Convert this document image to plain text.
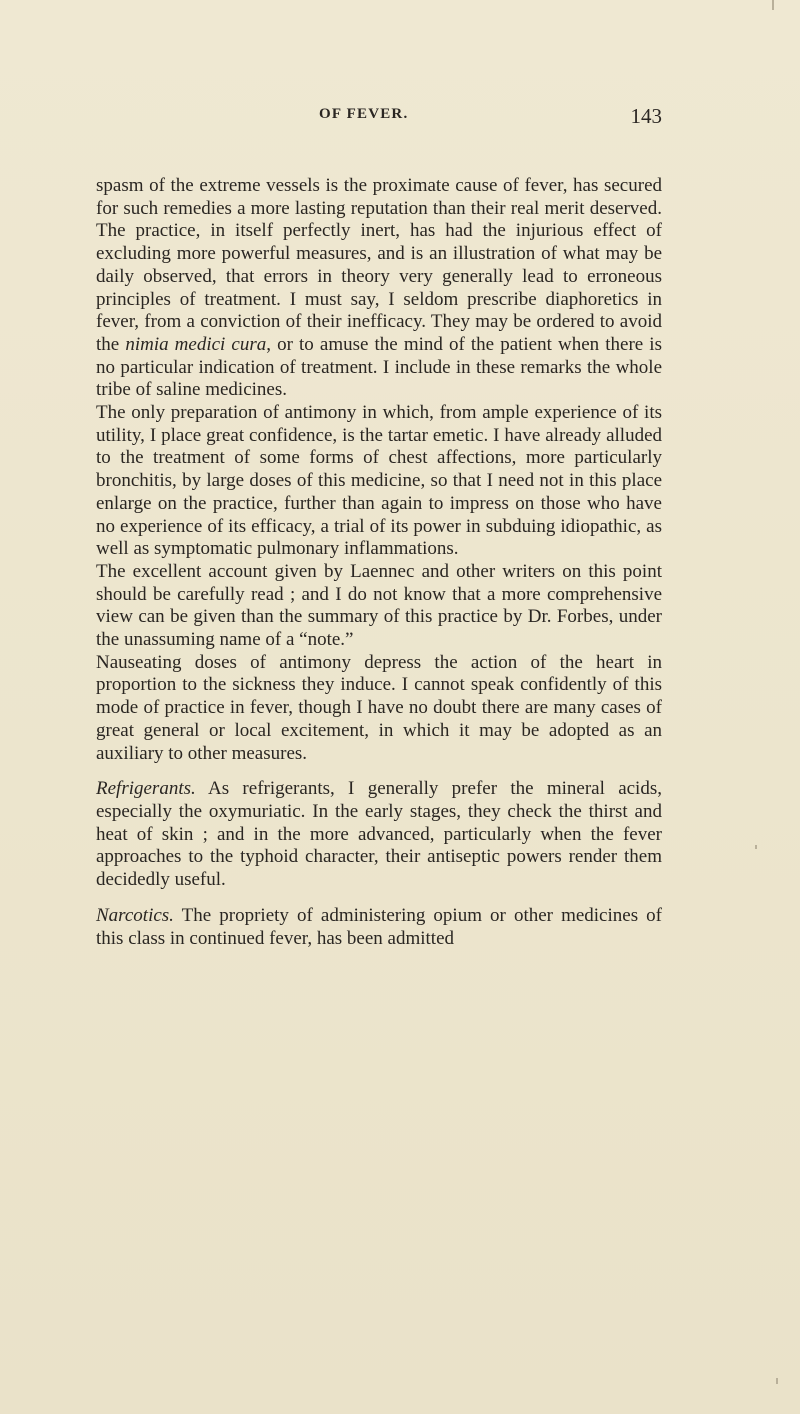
OF FEVER.	143

spasm of the extreme vessels is the proximate cause of fever, has secured for such remedies a more lasting reputation than their real merit deserved. The practice, in itself perfectly inert, has had the injurious effect of excluding more powerful measures, and is an illustration of what may be daily observed, that errors in theory very generally lead to erroneous principles of treatment. I must say, I seldom prescribe diaphoretics in fever, from a conviction of their inefficacy. They may be ordered to avoid the nimia medici cura, or to amuse the mind of the patient when there is no particular indication of treatment. I include in these remarks the whole tribe of saline medicines.

The only preparation of antimony in which, from ample experience of its utility, I place great confidence, is the tartar emetic. I have already alluded to the treatment of some forms of chest affections, more particularly bronchitis, by large doses of this medicine, so that I need not in this place enlarge on the practice, further than again to impress on those who have no experience of its efficacy, a trial of its power in subduing idiopathic, as well as symptomatic pulmonary inflammations.

The excellent account given by Laennec and other writers on this point should be carefully read ; and I do not know that a more comprehensive view can be given than the summary of this practice by Dr. Forbes, under the unassuming name of a “note.”

Nauseating doses of antimony depress the action of the heart in proportion to the sickness they induce. I cannot speak confidently of this mode of practice in fever, though I have no doubt there are many cases of great general or local excitement, in which it may be adopted as an auxiliary to other measures.

Refrigerants. As refrigerants, I generally prefer the mineral acids, especially the oxymuriatic. In the early stages, they check the thirst and heat of skin ; and in the more advanced, particularly when the fever approaches to the typhoid character, their antiseptic powers render them decidedly useful.

Narcotics. The propriety of administering opium or other medicines of this class in continued fever, has been admitted
